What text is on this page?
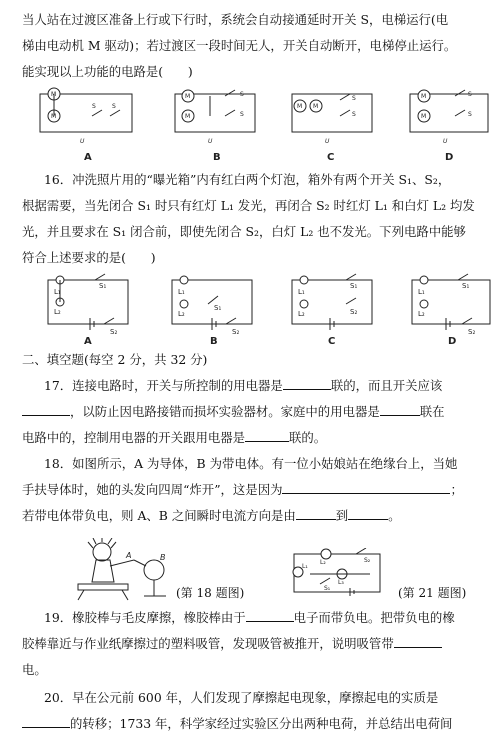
当人站在过渡区准备上行或下行时，系统会自动接通延时开关 S，电梯运行(电
梯由电动机 M 驱动)；若过渡区一段时间无人，开关自动断开，电梯停止运行。
能实现以上功能的电路是(　　)
M
M
M
M
M M
M
M
S	S
S
S
S
S
S
S
U	U	U	U
A	B	C	D
16．冲洗照片用的“曝光箱”内有红白两个灯泡，箱外有两个开关 S₁、S₂，
根据需要，当先闭合 S₁ 时只有红灯 L₁ 发光，再闭合 S₂ 时红灯 L₁ 和白灯 L₂ 均发
光，并且要求在 S₁ 闭合前，即使先闭合 S₂，白灯 L₂ 也不发光。下列电路中能够
符合上述要求的是(　　)
L₁
L₂
S₁
S₂
L₁
L₂
S₁
S₂
L₁
L₂
S₁
S₂
L₁
L₂
S₁
S₂
A	B	C	D
二、填空题(每空 2 分，共 32 分)
17．连接电路时，开关与所控制的用电器是	联的，而且开关应该
，以防止因电路接错而损坏实验器材。家庭中的用电器是	联在
电路中的，控制用电器的开关跟用电器是	联的。
18．如图所示，A 为导体，B 为带电体。有一位小姑娘站在绝缘台上，当她
手扶导体时，她的头发向四周“炸开”，这是因为	；
若带电体带负电，则 A、B 之间瞬时电流方向是由	到	。
A	B
(第 18 题图)
L₁
L₂
L₃
S₁
S₂
(第 21 题图)
19．橡胶棒与毛皮摩擦，橡胶棒由于	电子而带负电。把带负电的橡
胶棒靠近与作业纸摩擦过的塑料吸管，发现吸管被推开，说明吸管带
电。
20．早在公元前 600 年，人们发现了摩擦起电现象，摩擦起电的实质是
的转移；1733 年，科学家经过实验区分出两种电荷，并总结出电荷间
